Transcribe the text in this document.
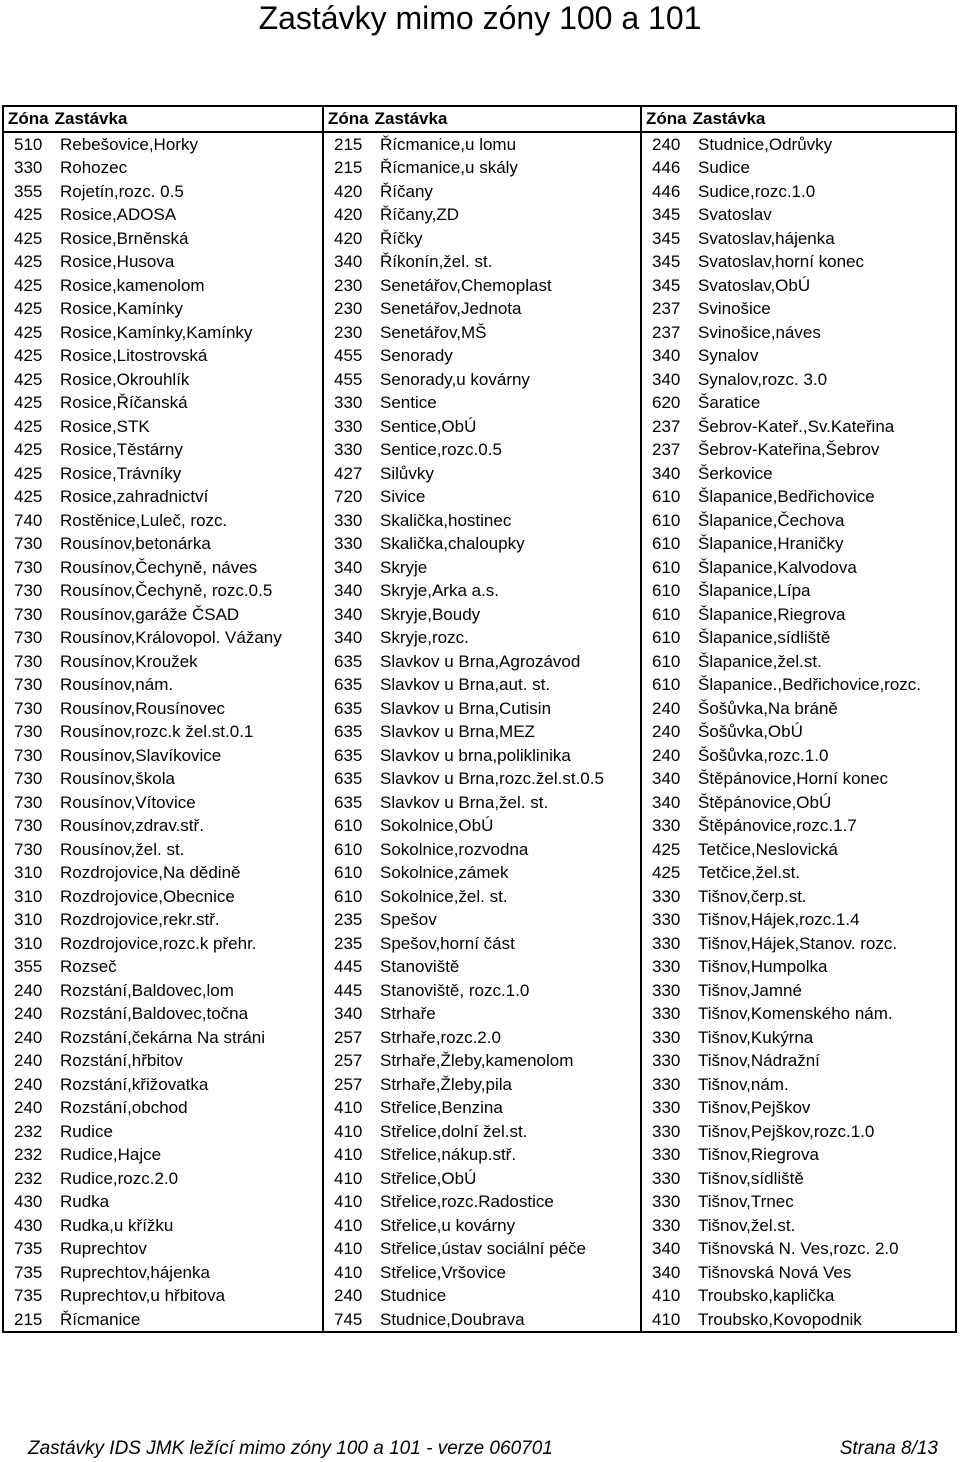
Zastávky mimo zóny 100 a 101
Zóna Zastávka	Zóna Zastávka	Zóna Zastávka
510	Rebešovice,Horky	215	Řícmanice,u lomu	240	Studnice,Odrůvky
330	Rohozec	215	Řícmanice,u skály	446	Sudice
355	Rojetín,rozc. 0.5	420	Říčany	446	Sudice,rozc.1.0
425	Rosice,ADOSA	420	Říčany,ZD	345	Svatoslav
425	Rosice,Brněnská	420	Říčky	345	Svatoslav,hájenka
425	Rosice,Husova	340	Říkonín,žel. st.	345	Svatoslav,horní konec
425	Rosice,kamenolom	230	Senetářov,Chemoplast	345	Svatoslav,ObÚ
425	Rosice,Kamínky	230	Senetářov,Jednota	237	Svinošice
425	Rosice,Kamínky,Kamínky	230	Senetářov,MŠ	237	Svinošice,náves
425	Rosice,Litostrovská	455	Senorady	340	Synalov
425	Rosice,Okrouhlík	455	Senorady,u kovárny	340	Synalov,rozc. 3.0
425	Rosice,Říčanská	330	Sentice	620	Šaratice
425	Rosice,STK	330	Sentice,ObÚ	237	Šebrov-Kateř.,Sv.Kateřina
425	Rosice,Těstárny	330	Sentice,rozc.0.5	237	Šebrov-Kateřina,Šebrov
425	Rosice,Trávníky	427	Silůvky	340	Šerkovice
425	Rosice,zahradnictví	720	Sivice	610	Šlapanice,Bedřichovice
740	Rostěnice,Luleč, rozc.	330	Skalička,hostinec	610	Šlapanice,Čechova
730	Rousínov,betonárka	330	Skalička,chaloupky	610	Šlapanice,Hraničky
730	Rousínov,Čechyně, náves	340	Skryje	610	Šlapanice,Kalvodova
730	Rousínov,Čechyně, rozc.0.5	340	Skryje,Arka a.s.	610	Šlapanice,Lípa
730	Rousínov,garáže ČSAD	340	Skryje,Boudy	610	Šlapanice,Riegrova
730	Rousínov,Královopol. Vážany	340	Skryje,rozc.	610	Šlapanice,sídliště
730	Rousínov,Kroužek	635	Slavkov u Brna,Agrozávod	610	Šlapanice,žel.st.
730	Rousínov,nám.	635	Slavkov u Brna,aut. st.	610	Šlapanice.,Bedřichovice,rozc.
730	Rousínov,Rousínovec	635	Slavkov u Brna,Cutisin	240	Šošůvka,Na bráně
730	Rousínov,rozc.k žel.st.0.1	635	Slavkov u Brna,MEZ	240	Šošůvka,ObÚ
730	Rousínov,Slavíkovice	635	Slavkov u brna,poliklinika	240	Šošůvka,rozc.1.0
730	Rousínov,škola	635	Slavkov u Brna,rozc.žel.st.0.5	340	Štěpánovice,Horní konec
730	Rousínov,Vítovice	635	Slavkov u Brna,žel. st.	340	Štěpánovice,ObÚ
730	Rousínov,zdrav.stř.	610	Sokolnice,ObÚ	330	Štěpánovice,rozc.1.7
730	Rousínov,žel. st.	610	Sokolnice,rozvodna	425	Tetčice,Neslovická
310	Rozdrojovice,Na dědině	610	Sokolnice,zámek	425	Tetčice,žel.st.
310	Rozdrojovice,Obecnice	610	Sokolnice,žel. st.	330	Tišnov,čerp.st.
310	Rozdrojovice,rekr.stř.	235	Spešov	330	Tišnov,Hájek,rozc.1.4
310	Rozdrojovice,rozc.k přehr.	235	Spešov,horní část	330	Tišnov,Hájek,Stanov. rozc.
355	Rozseč	445	Stanoviště	330	Tišnov,Humpolka
240	Rozstání,Baldovec,lom	445	Stanoviště, rozc.1.0	330	Tišnov,Jamné
240	Rozstání,Baldovec,točna	340	Strhaře	330	Tišnov,Komenského nám.
240	Rozstání,čekárna Na stráni	257	Strhaře,rozc.2.0	330	Tišnov,Kukýrna
240	Rozstání,hřbitov	257	Strhaře,Žleby,kamenolom	330	Tišnov,Nádražní
240	Rozstání,křižovatka	257	Strhaře,Žleby,pila	330	Tišnov,nám.
240	Rozstání,obchod	410	Střelice,Benzina	330	Tišnov,Pejškov
232	Rudice	410	Střelice,dolní žel.st.	330	Tišnov,Pejškov,rozc.1.0
232	Rudice,Hajce	410	Střelice,nákup.stř.	330	Tišnov,Riegrova
232	Rudice,rozc.2.0	410	Střelice,ObÚ	330	Tišnov,sídliště
430	Rudka	410	Střelice,rozc.Radostice	330	Tišnov,Trnec
430	Rudka,u křížku	410	Střelice,u kovárny	330	Tišnov,žel.st.
735	Ruprechtov	410	Střelice,ústav sociální péče	340	Tišnovská N. Ves,rozc. 2.0
735	Ruprechtov,hájenka	410	Střelice,Vršovice	340	Tišnovská Nová Ves
735	Ruprechtov,u hřbitova	240	Studnice	410	Troubsko,kaplička
215	Řícmanice	745	Studnice,Doubrava	410	Troubsko,Kovopodnik
Zastávky IDS JMK ležící mimo zóny 100 a 101 - verze 060701	Strana 8/13
